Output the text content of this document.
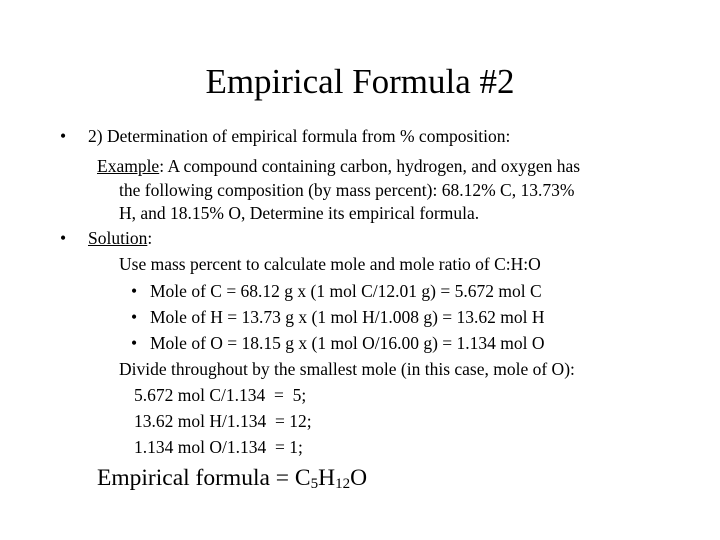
Empirical Formula #2
• 2) Determination of empirical formula from % composition:
Example: A compound containing carbon, hydrogen, and oxygen has
the following composition (by mass percent): 68.12% C, 13.73%
H, and 18.15% O, Determine its empirical formula.
• Solution:
Use mass percent to calculate mole and mole ratio of C:H:O
• Mole of C = 68.12 g x (1 mol C/12.01 g) = 5.672 mol C
• Mole of H = 13.73 g x (1 mol H/1.008 g) = 13.62 mol H
• Mole of O = 18.15 g x (1 mol O/16.00 g) = 1.134 mol O
Divide throughout by the smallest mole (in this case, mole of O):
5.672 mol C/1.134  =  5;
13.62 mol H/1.134  = 12;
1.134 mol O/1.134  = 1;
Empirical formula = $C_5H_{12}O$
